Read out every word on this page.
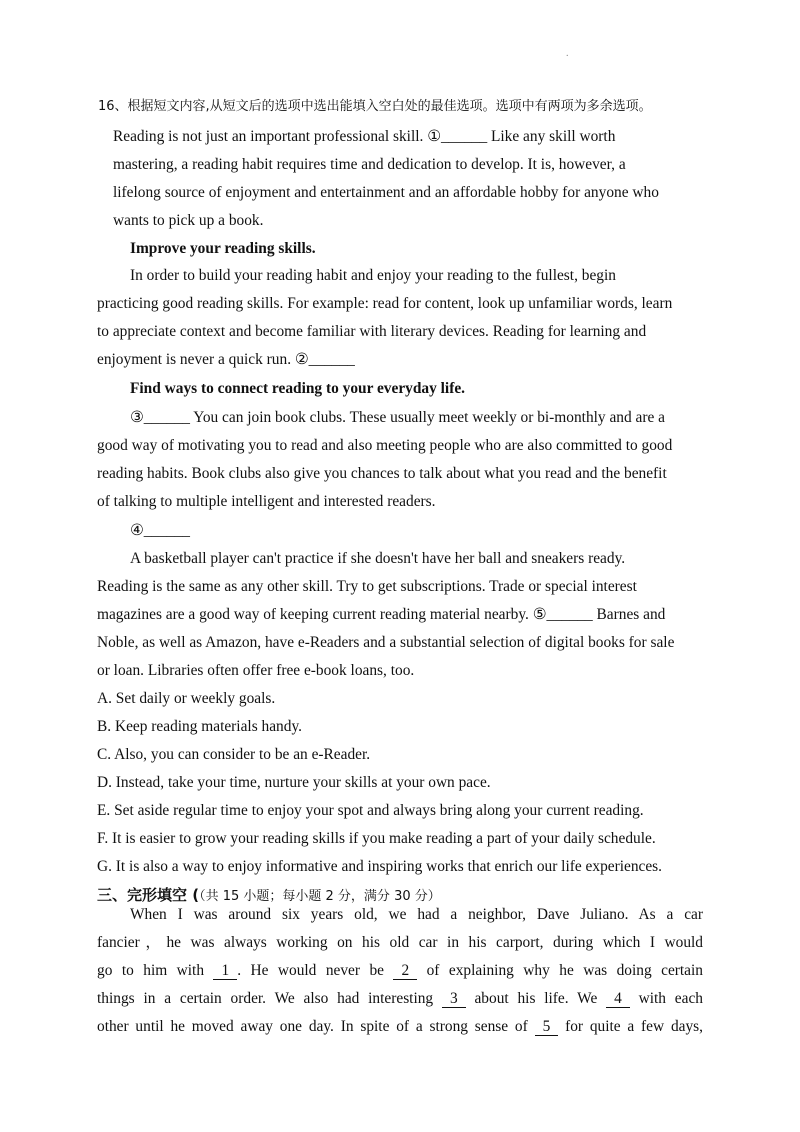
.
16、根据短文内容,从短文后的选项中选出能填入空白处的最佳选项。选项中有两项为多余选项。
Reading is not just an important professional skill. ①______ Like any skill worth
mastering, a reading habit requires time and dedication to develop. It is, however, a
lifelong source of enjoyment and entertainment and an affordable hobby for anyone who
wants to pick up a book.
Improve your reading skills.
In order to build your reading habit and enjoy your reading to the fullest, begin
practicing good reading skills. For example: read for content, look up unfamiliar words, learn
to appreciate context and become familiar with literary devices. Reading for learning and
enjoyment is never a quick run. ②______
Find ways to connect reading to your everyday life.
③______ You can join book clubs. These usually meet weekly or bi-monthly and are a
good way of motivating you to read and also meeting people who are also committed to good
reading habits. Book clubs also give you chances to talk about what you read and the benefit
of talking to multiple intelligent and interested readers.
④______
A basketball player can't practice if she doesn't have her ball and sneakers ready.
Reading is the same as any other skill. Try to get subscriptions. Trade or special interest
magazines are a good way of keeping current reading material nearby. ⑤______ Barnes and
Noble, as well as Amazon, have e-Readers and a substantial selection of digital books for sale
or loan. Libraries often offer free e-book loans, too.
A. Set daily or weekly goals.
B. Keep reading materials handy.
C. Also, you can consider to be an e-Reader.
D. Instead, take your time, nurture your skills at your own pace.
E. Set aside regular time to enjoy your spot and always bring along your current reading.
F. It is easier to grow your reading skills if you make reading a part of your daily schedule.
G. It is also a way to enjoy informative and inspiring works that enrich our life experiences.
三、完形填空 (（共 15 小题；每小题 2 分，满分 30 分）
When I was around six years old, we had a neighbor, Dave Juliano. As a car
fancier，he was always working on his old car in his carport, during which I would
go to him with 1 . He would never be 2 of explaining why he was doing certain
things in a certain order. We also had interesting 3 about his life. We 4 with each
other until he moved away one day. In spite of a strong sense of 5 for quite a few days,
